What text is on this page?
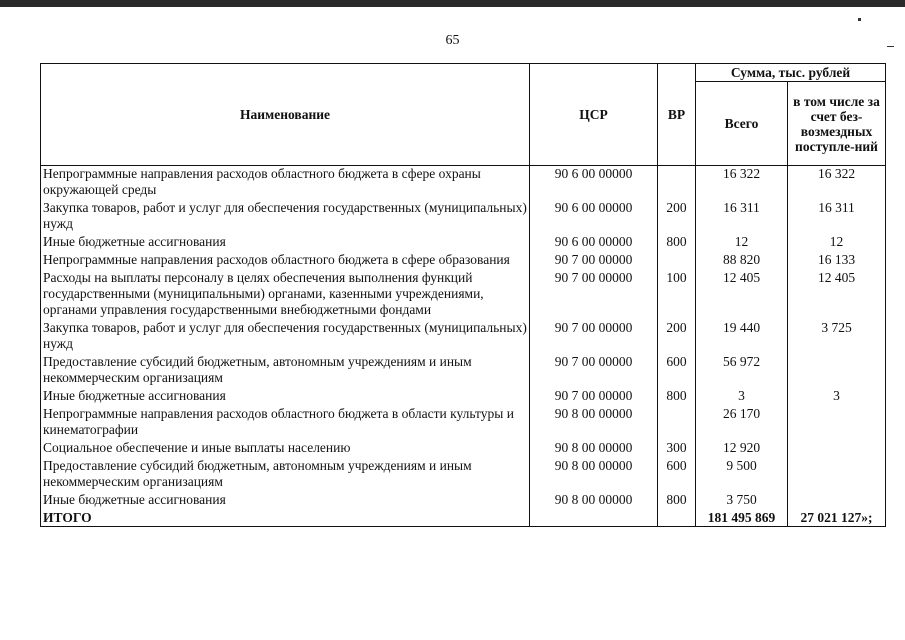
65
Наименование	ЦСР	ВР	Сумма, тыс. рублей	
			Всего	в том числе за счет без-возмездных поступле-ний
Непрограммные направления расходов областного бюджета в сфере охраны окружающей среды	90 6 00 00000		16 322	16 322
Закупка товаров, работ и услуг для обеспечения государственных (муниципальных) нужд	90 6 00 00000	200	16 311	16 311
Иные бюджетные ассигнования	90 6 00 00000	800	12	12
Непрограммные направления расходов областного бюджета в сфере образования	90 7 00 00000		88 820	16 133
Расходы на выплаты персоналу в целях обеспечения выполнения функций государственными (муниципальными) органами, казенными учреждениями, органами управления государственными внебюджетными фондами	90 7 00 00000	100	12 405	12 405
Закупка товаров, работ и услуг для обеспечения государственных (муниципальных) нужд	90 7 00 00000	200	19 440	3 725
Предоставление субсидий бюджетным, автономным учреждениям и иным некоммерческим организациям	90 7 00 00000	600	56 972	
Иные бюджетные ассигнования	90 7 00 00000	800	3	3
Непрограммные направления расходов областного бюджета в области культуры и кинематографии	90 8 00 00000		26 170	
Социальное обеспечение и иные выплаты населению	90 8 00 00000	300	12 920	
Предоставление субсидий бюджетным, автономным учреждениям и иным некоммерческим организациям	90 8 00 00000	600	9 500	
Иные бюджетные ассигнования	90 8 00 00000	800	3 750	
ИТОГО			181 495 869	27 021 127»;
